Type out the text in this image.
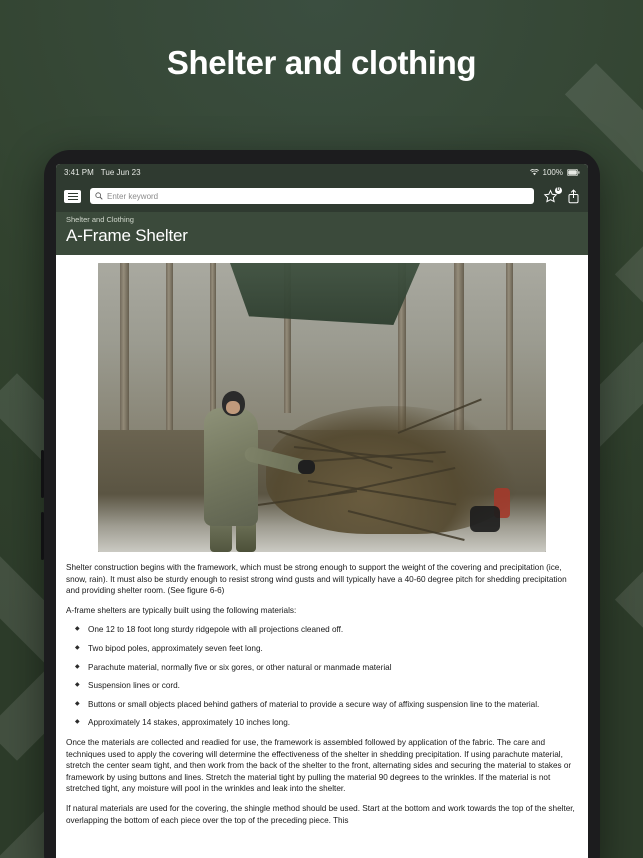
Shelter and clothing
3:41 PM Tue Jun 23	100%
Enter keyword
0
Shelter and Clothing
A-Frame Shelter

Shelter construction begins with the framework, which must be strong enough to support the weight of the covering and precipitation (ice, snow, rain). It must also be sturdy enough to resist strong wind gusts and will typically have a 40-60 degree pitch for shedding precipitation and providing shelter room. (See figure 6-6)

A-frame shelters are typically built using the following materials:

◆ One 12 to 18 foot long sturdy ridgepole with all projections cleaned off.
◆ Two bipod poles, approximately seven feet long.
◆ Parachute material, normally five or six gores, or other natural or manmade material
◆ Suspension lines or cord.
◆ Buttons or small objects placed behind gathers of material to provide a secure way of affixing suspension line to the material.
◆ Approximately 14 stakes, approximately 10 inches long.

Once the materials are collected and readied for use, the framework is assembled followed by application of the fabric. The care and techniques used to apply the covering will determine the effectiveness of the shelter in shedding precipitation. If using parachute material, stretch the center seam tight, and then work from the back of the shelter to the front, alternating sides and securing the material to stakes or framework by using buttons and lines. Stretch the material tight by pulling the material 90 degrees to the wrinkles. If the material is not stretched tight, any moisture will pool in the wrinkles and leak into the shelter.

If natural materials are used for the covering, the shingle method should be used. Start at the bottom and work towards the top of the shelter, overlapping the bottom of each piece over the top of the preceding piece. This
